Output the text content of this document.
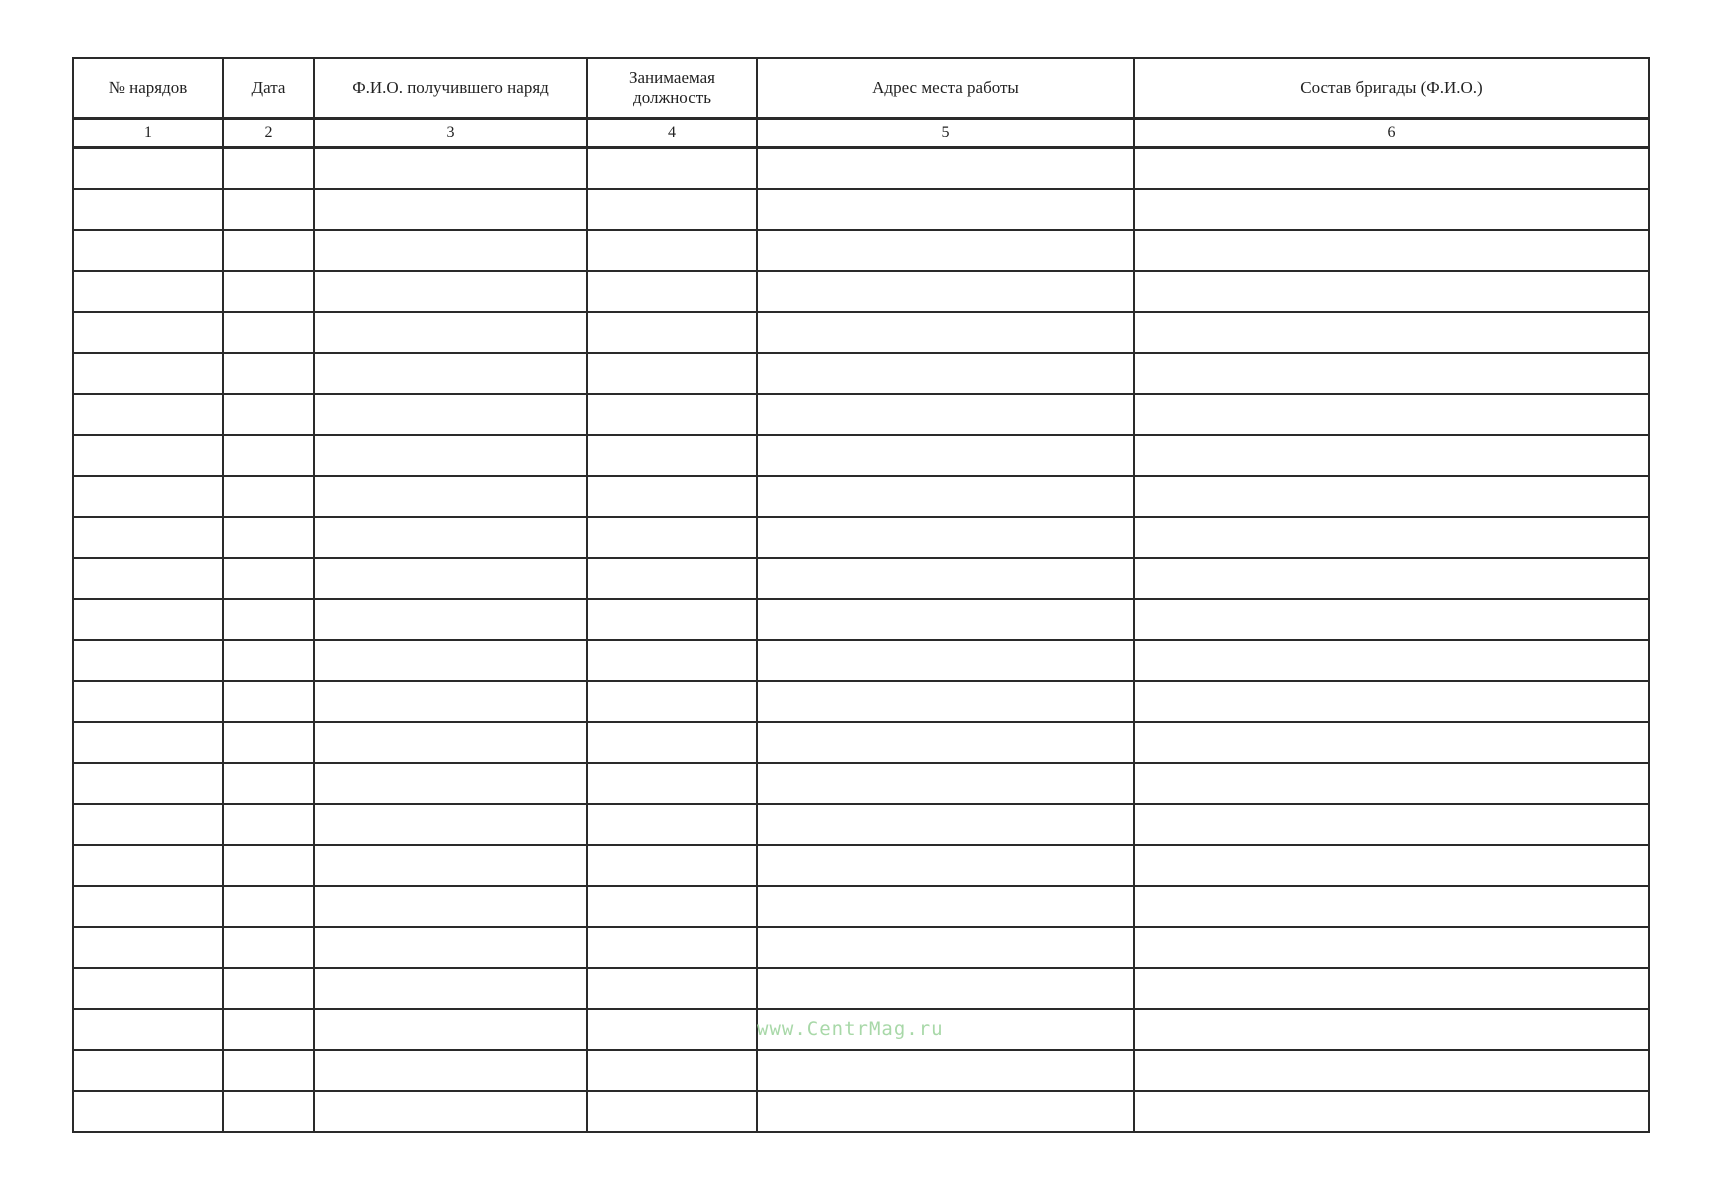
№ нарядов	Дата	Ф.И.О. получившего наряд	Занимаемая должность	Адрес места работы	Состав бригады (Ф.И.О.)
1	2	3	4	5	6

www.CentrMag.ru
